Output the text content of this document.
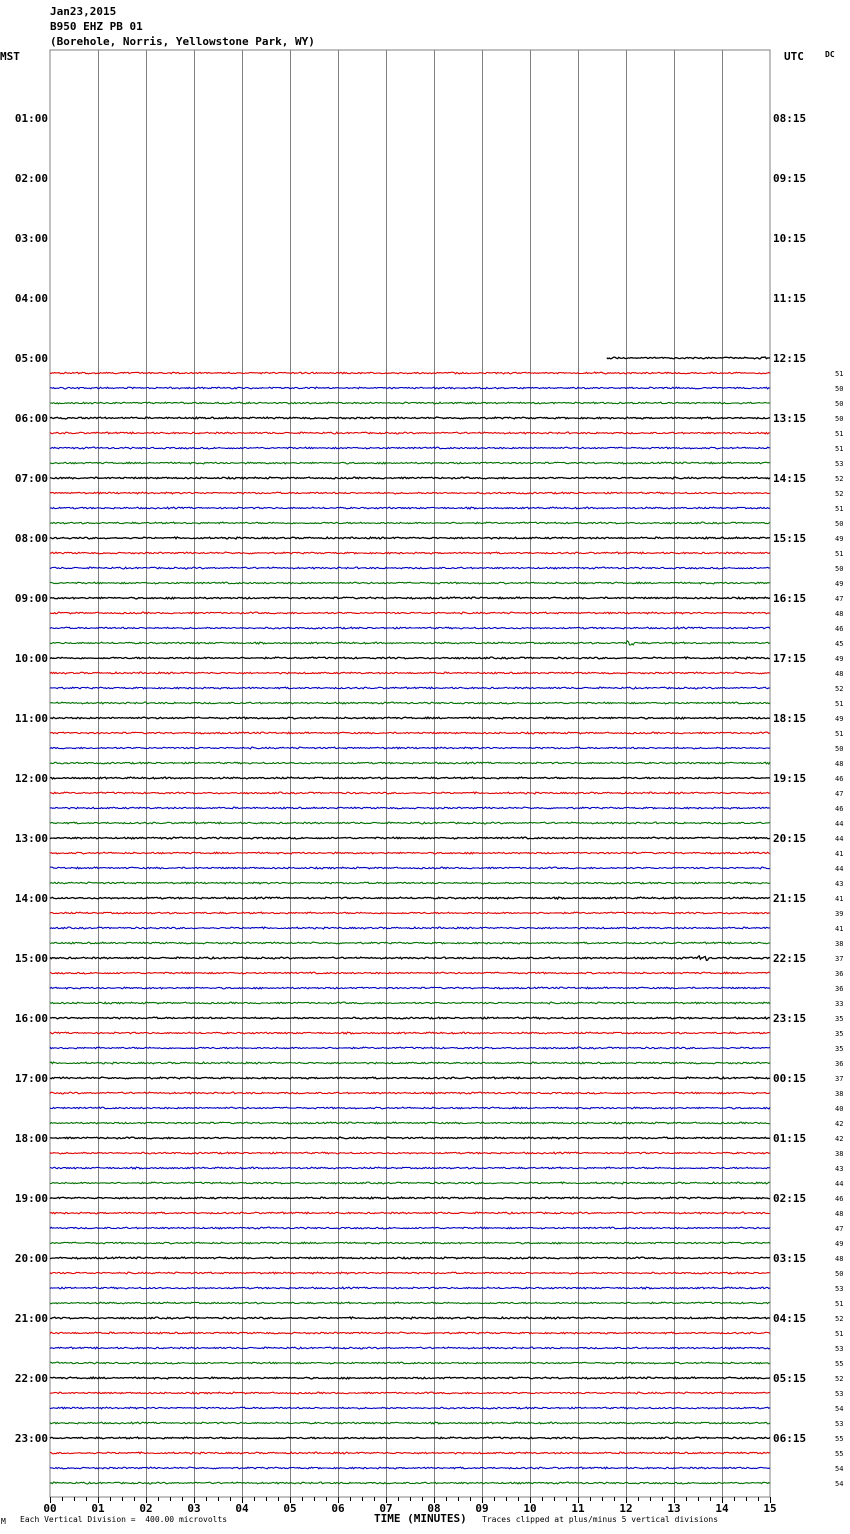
Jan23,2015
B950 EHZ PB 01
(Borehole, Norris, Yellowstone Park, WY)
MST	UTC	DC
01:00
02:00
03:00
04:00
05:00
06:00
07:00
08:00
09:00
10:00
11:00
12:00
13:00
14:00
15:00
16:00
17:00
18:00
19:00
20:00
21:00
22:00
23:00
08:15
09:15
10:15
11:15
12:15
13:15
14:15
15:15
16:15
17:15
18:15
19:15
20:15
21:15
22:15
23:15
00:15
01:15
02:15
03:15
04:15
05:15
06:15
51
50
50
50
51
51
53
52
52
51
50
49
51
50
49
47
48
46
45
49
48
52
51
49
51
50
48
46
47
46
44
44
41
44
43
41
39
41
38
37
36
36
33
35
35
35
36
37
38
40
42
42
38
43
44
46
48
47
49
48
50
53
51
52
51
53
55
52
53
54
53
55
55
54
54
00	01	02	03	04	05	06	07	08	09	10	11	12	13	14	15
M Each Vertical Division =  400.00 microvolts	TIME (MINUTES) Traces clipped at plus/minus 5 vertical divisions
